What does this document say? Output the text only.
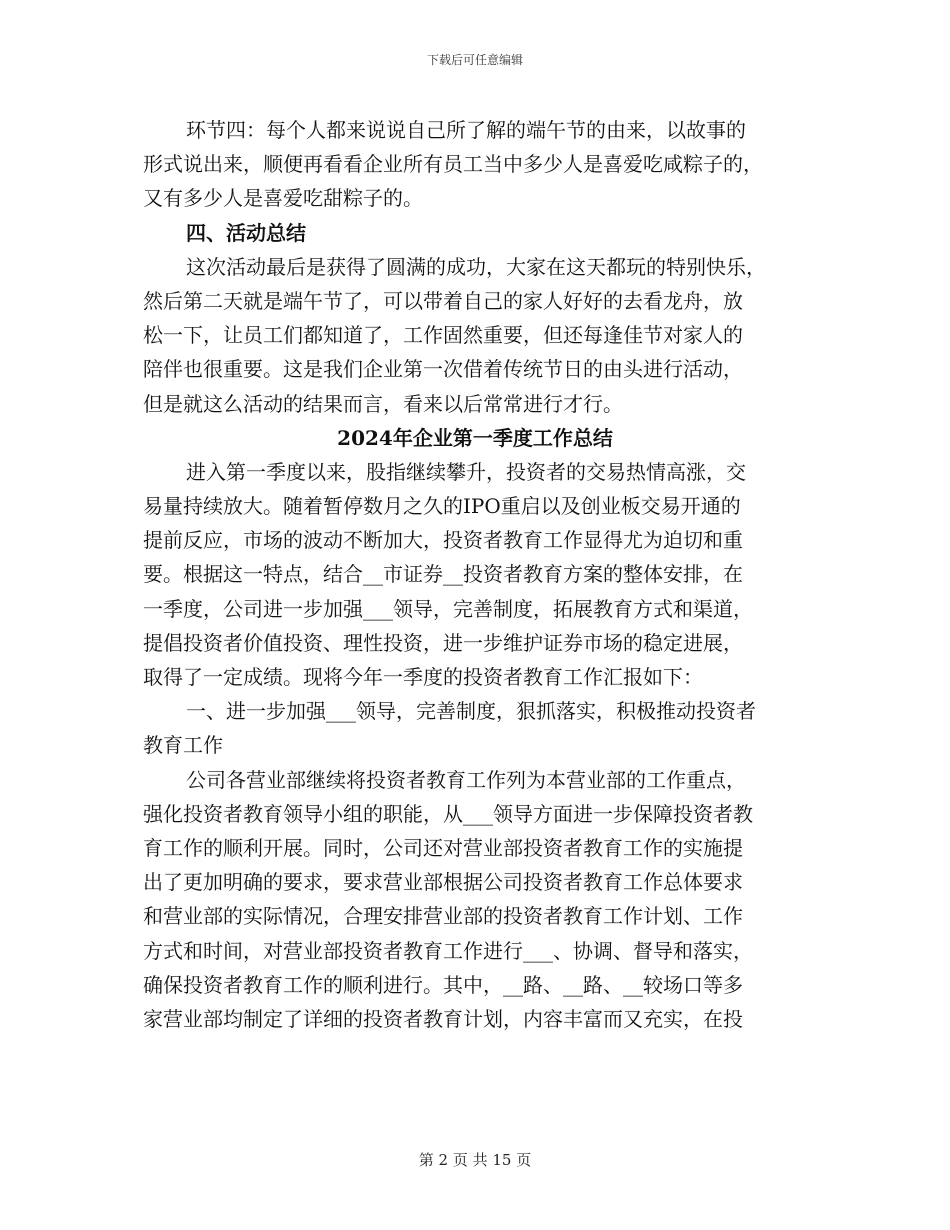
下载后可任意编辑
环节四：每个人都来说说自己所了解的端午节的由来，以故事的
形式说出来，顺便再看看企业所有员工当中多少人是喜爱吃咸粽子的，
又有多少人是喜爱吃甜粽子的。
四、活动总结
这次活动最后是获得了圆满的成功，大家在这天都玩的特别快乐，
然后第二天就是端午节了，可以带着自己的家人好好的去看龙舟，放
松一下，让员工们都知道了，工作固然重要，但还每逢佳节对家人的
陪伴也很重要。这是我们企业第一次借着传统节日的由头进行活动，
但是就这么活动的结果而言，看来以后常常进行才行。
2024年企业第一季度工作总结
进入第一季度以来，股指继续攀升，投资者的交易热情高涨，交
易量持续放大。随着暂停数月之久的IPO重启以及创业板交易开通的
提前反应，市场的波动不断加大，投资者教育工作显得尤为迫切和重
要。根据这一特点，结合__市证券__投资者教育方案的整体安排，在
一季度，公司进一步加强___领导，完善制度，拓展教育方式和渠道，
提倡投资者价值投资、理性投资，进一步维护证券市场的稳定进展，
取得了一定成绩。现将今年一季度的投资者教育工作汇报如下：
一、进一步加强___领导，完善制度，狠抓落实，积极推动投资者
教育工作
公司各营业部继续将投资者教育工作列为本营业部的工作重点，
强化投资者教育领导小组的职能，从___领导方面进一步保障投资者教
育工作的顺利开展。同时，公司还对营业部投资者教育工作的实施提
出了更加明确的要求，要求营业部根据公司投资者教育工作总体要求
和营业部的实际情况，合理安排营业部的投资者教育工作计划、工作
方式和时间，对营业部投资者教育工作进行___、协调、督导和落实，
确保投资者教育工作的顺利进行。其中，__路、__路、__较场口等多
家营业部均制定了详细的投资者教育计划，内容丰富而又充实，在投
第 2 页 共 15 页
